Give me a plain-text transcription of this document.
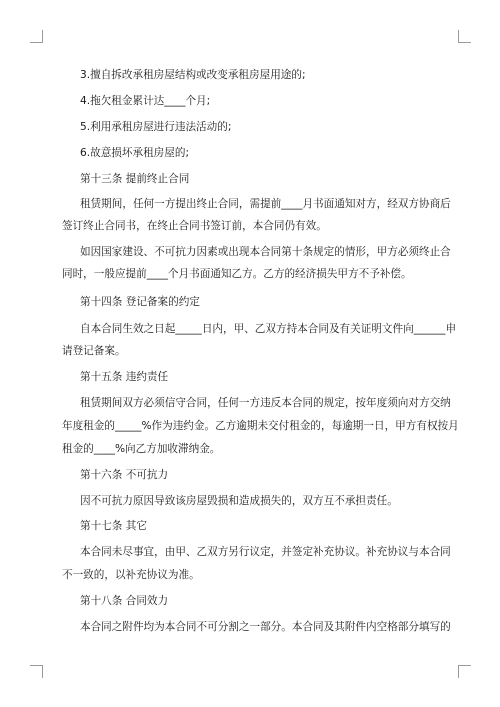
3.擅自拆改承租房屋结构或改变承租房屋用途的;
4.拖欠租金累计达____个月;
5.利用承租房屋进行违法活动的;
6.故意损坏承租房屋的;
第十三条 提前终止合同
租赁期间，任何一方提出终止合同，需提前____月书面通知对方，经双方协商后
签订终止合同书，在终止合同书签订前，本合同仍有效。
如因国家建设、不可抗力因素或出现本合同第十条规定的情形，甲方必须终止合
同时，一般应提前____个月书面通知乙方。乙方的经济损失甲方不予补偿。
第十四条 登记备案的约定
自本合同生效之日起_____日内，甲、乙双方持本合同及有关证明文件向______申
请登记备案。
第十五条 违约责任
租赁期间双方必须信守合同，任何一方违反本合同的规定，按年度须向对方交纳
年度租金的_____%作为违约金。乙方逾期未交付租金的，每逾期一日，甲方有权按月
租金的____%向乙方加收滞纳金。
第十六条 不可抗力
因不可抗力原因导致该房屋毁损和造成损失的，双方互不承担责任。
第十七条 其它
本合同未尽事宜，由甲、乙双方另行议定，并签定补充协议。补充协议与本合同
不一致的，以补充协议为准。
第十八条 合同效力
本合同之附件均为本合同不可分割之一部分。本合同及其附件内空格部分填写的
